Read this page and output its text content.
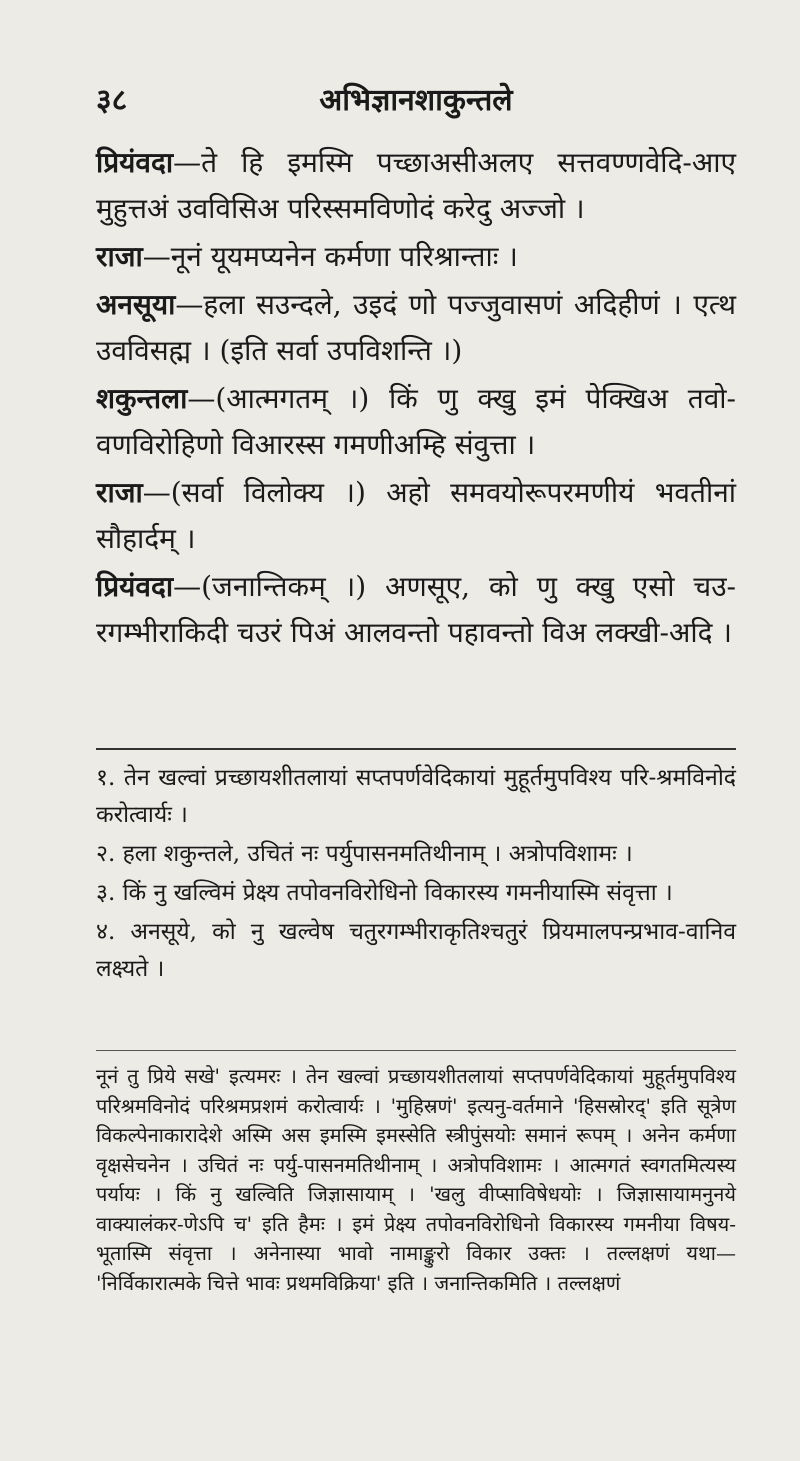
३८	अभिज्ञानशाकुन्तले

प्रियंवदा—ते हि इमस्मि पच्छाअसीअलए सत्तवण्णवेदि-आए मुहुत्तअं उवविसिअ परिस्समविणोदं करेदु अज्जो ।

राजा—नूनं यूयमप्यनेन कर्मणा परिश्रान्ताः ।

अनसूया—हला सउन्दले, उइदं णो पज्जुवासणं अदिहीणं । एत्थ उवविसह्म । (इति सर्वा उपविशन्ति ।)

शकुन्तला—(आत्मगतम् ।) किं णु क्खु इमं पेक्खिअ तवो-वणविरोहिणो विआरस्स गमणीअम्हि संवुत्ता ।

राजा—(सर्वा विलोक्य ।) अहो समवयोरूपरमणीयं भवतीनां सौहार्दम् ।

प्रियंवदा—(जनान्तिकम् ।) अणसूए, को णु क्खु एसो चउ-रगम्भीराकिदी चउरं पिअं आलवन्तो पहावन्तो विअ लक्खी-अदि ।

१. तेन खल्वां प्रच्छायशीतलायां सप्तपर्णवेदिकायां मुहूर्तमुपविश्य परि-श्रमविनोदं करोत्वार्यः ।

२. हला शकुन्तले, उचितं नः पर्युपासनमतिथीनाम् । अत्रोपविशामः ।

३. किं नु खल्विमं प्रेक्ष्य तपोवनविरोधिनो विकारस्य गमनीयास्मि संवृत्ता ।

४. अनसूये, को नु खल्वेष चतुरगम्भीराकृतिश्चतुरं प्रियमालपन्प्रभाव-वानिव लक्ष्यते ।

नूनं तु प्रिये सखे' इत्यमरः । तेन खल्वां प्रच्छायशीतलायां सप्तपर्णवेदिकायां मुहूर्तमुपविश्य परिश्रमविनोदं परिश्रमप्रशमं करोत्वार्यः । 'मुहिस्रणं' इत्यनु-वर्तमाने 'हिसस्रोरद्' इति सूत्रेण विकल्पेनाकारादेशे अस्मि अस इमस्मि इमस्सेति स्त्रीपुंसयोः समानं रूपम् । अनेन कर्मणा वृक्षसेचनेन । उचितं नः पर्यु-पासनमतिथीनाम् । अत्रोपविशामः । आत्मगतं स्वगतमित्यस्य पर्यायः । किं नु खल्विति जिज्ञासायाम् । 'खलु वीप्साविषेधयोः । जिज्ञासायामनुनये वाक्यालंकर-णेऽपि च' इति हैमः । इमं प्रेक्ष्य तपोवनविरोधिनो विकारस्य गमनीया विषय-भूतास्मि संवृत्ता । अनेनास्या भावो नामाङ्कुरो विकार उक्तः । तल्लक्षणं यथा— 'निर्विकारात्मके चित्ते भावः प्रथमविक्रिया' इति । जनान्तिकमिति । तल्लक्षणं
